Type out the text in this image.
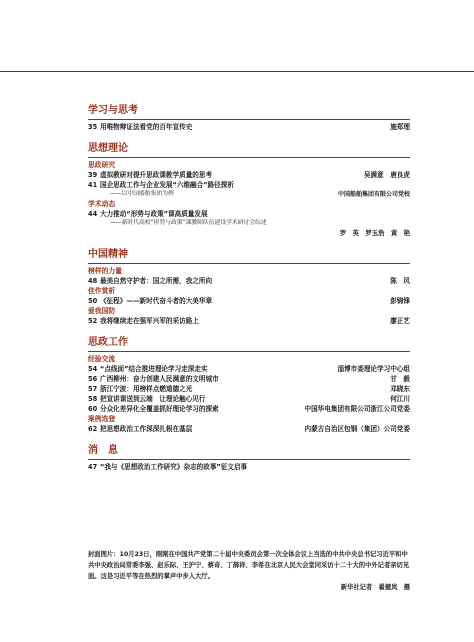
学习与思考
35 用唯物辩证法看党的百年宣传史	施郑理
思想理论
思政研究
39 虚拟教研对提升思政课教学质量的思考	吴满意　唐良虎
41 国企思政工作与企业发展“六维融合”路径探析
——以中国船舶集团为例	中国船舶集团有限公司党校
学术动态
44 大力推动“形势与政策”课高质量发展
——新时代高校“形势与政策”课教师队伍建设学术研讨会综述
罗　英　罗玉浩　黄　艳
中国精神
榜样的力量
48 最美自然守护者：国之所需，我之所向	陈　风
佳作赏析
50 《征程》——新时代奋斗者的大美华章	彭锦锋
爱我国防
52 我将继续走在强军兴军的采访路上	廖正艺
思政工作
经验交流
54 “点线面”结合推进理论学习走深走实	淄博市委理论学习中心组
56 广西柳州：奋力创建人民满意的文明城市	甘　毅
57 浙江宁波：用榜样点燃道德之光	邓晓东
58 把宣讲课送到云端　让理论触心见行	何江川
60 分众化差异化全覆盖抓好理论学习的探索	中国华电集团有限公司浙江公司党委
案例选登
62 把思想政治工作深深扎根在基层	内蒙古自治区包钢（集团）公司党委
消　息
47 “我与《思想政治工作研究》杂志的故事”征文启事
封面图片：10月23日，刚刚在中国共产党第二十届中央委员会第一次全体会议上当选的中共中央总书记习近平和中共中央政治局常委李强、赵乐际、王沪宁、蔡奇、丁薛祥、李希在北京人民大会堂同采访十二十大的中外记者亲切见面。这是习近平等在热烈的掌声中步入大厅。
新华社记者　翟健岚　摄
